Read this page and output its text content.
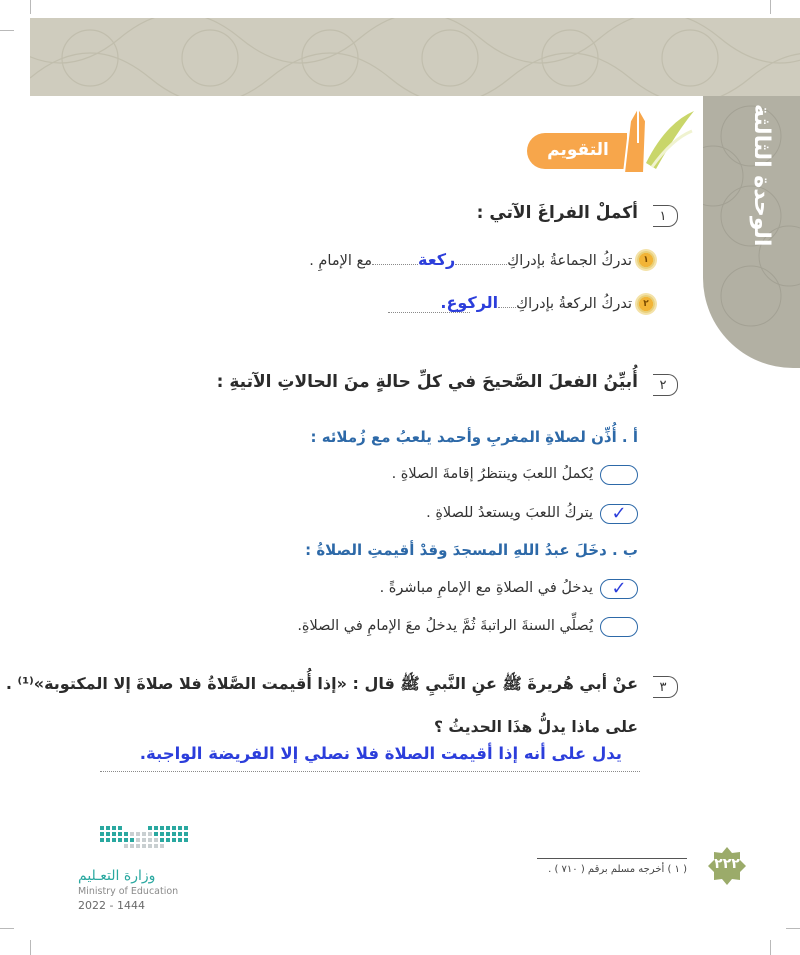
الوحدة الثالثة
التقويم
١
أكملْ الفراغَ الآتي :
١
تدركُ الجماعةُ بإدراكِركعةمع الإمامِ .
٢
تدركُ الركعةُ بإدراكِالركوع.
٢
أُبيِّنُ الفعلَ الصَّحيحَ في كلِّ حالةٍ منَ الحالاتِ الآتيةِ :
أ . أُذِّن لصلاةِ المغربِ وأحمد يلعبُ مع زُملائه :
يُكملُ اللعبَ وينتظرُ إقامةَ الصلاةِ .
✓
يتركُ اللعبَ ويستعدُ للصلاةِ .
ب . دخَلَ عبدُ اللهِ المسجدَ وقدْ أقيمتِ الصلاةُ :
✓
يدخلُ في الصلاةِ مع الإمامِ مباشرةً .
يُصلِّي السنةَ الراتبةَ ثُمَّ يدخلُ معَ الإمامِ في الصلاةِ.
٣
عنْ أبي هُريرةَ ﷺ عنِ النَّبيِ ﷺ قال : «إذا أُقيمت الصَّلاةُ فلا صلاةَ إلا المكتوبة»⁽¹⁾ .
على ماذا يدلُّ هذَا الحديثُ ؟
يدل على أنه إذا أقيمت الصلاة فلا نصلي إلا الفريضة الواجبة.
( ١ ) أخرجه مسلم برقم ( ٧١٠ ) .	٢٢٢
وزارة التعـليم
Ministry of Education
2022 - 1444
